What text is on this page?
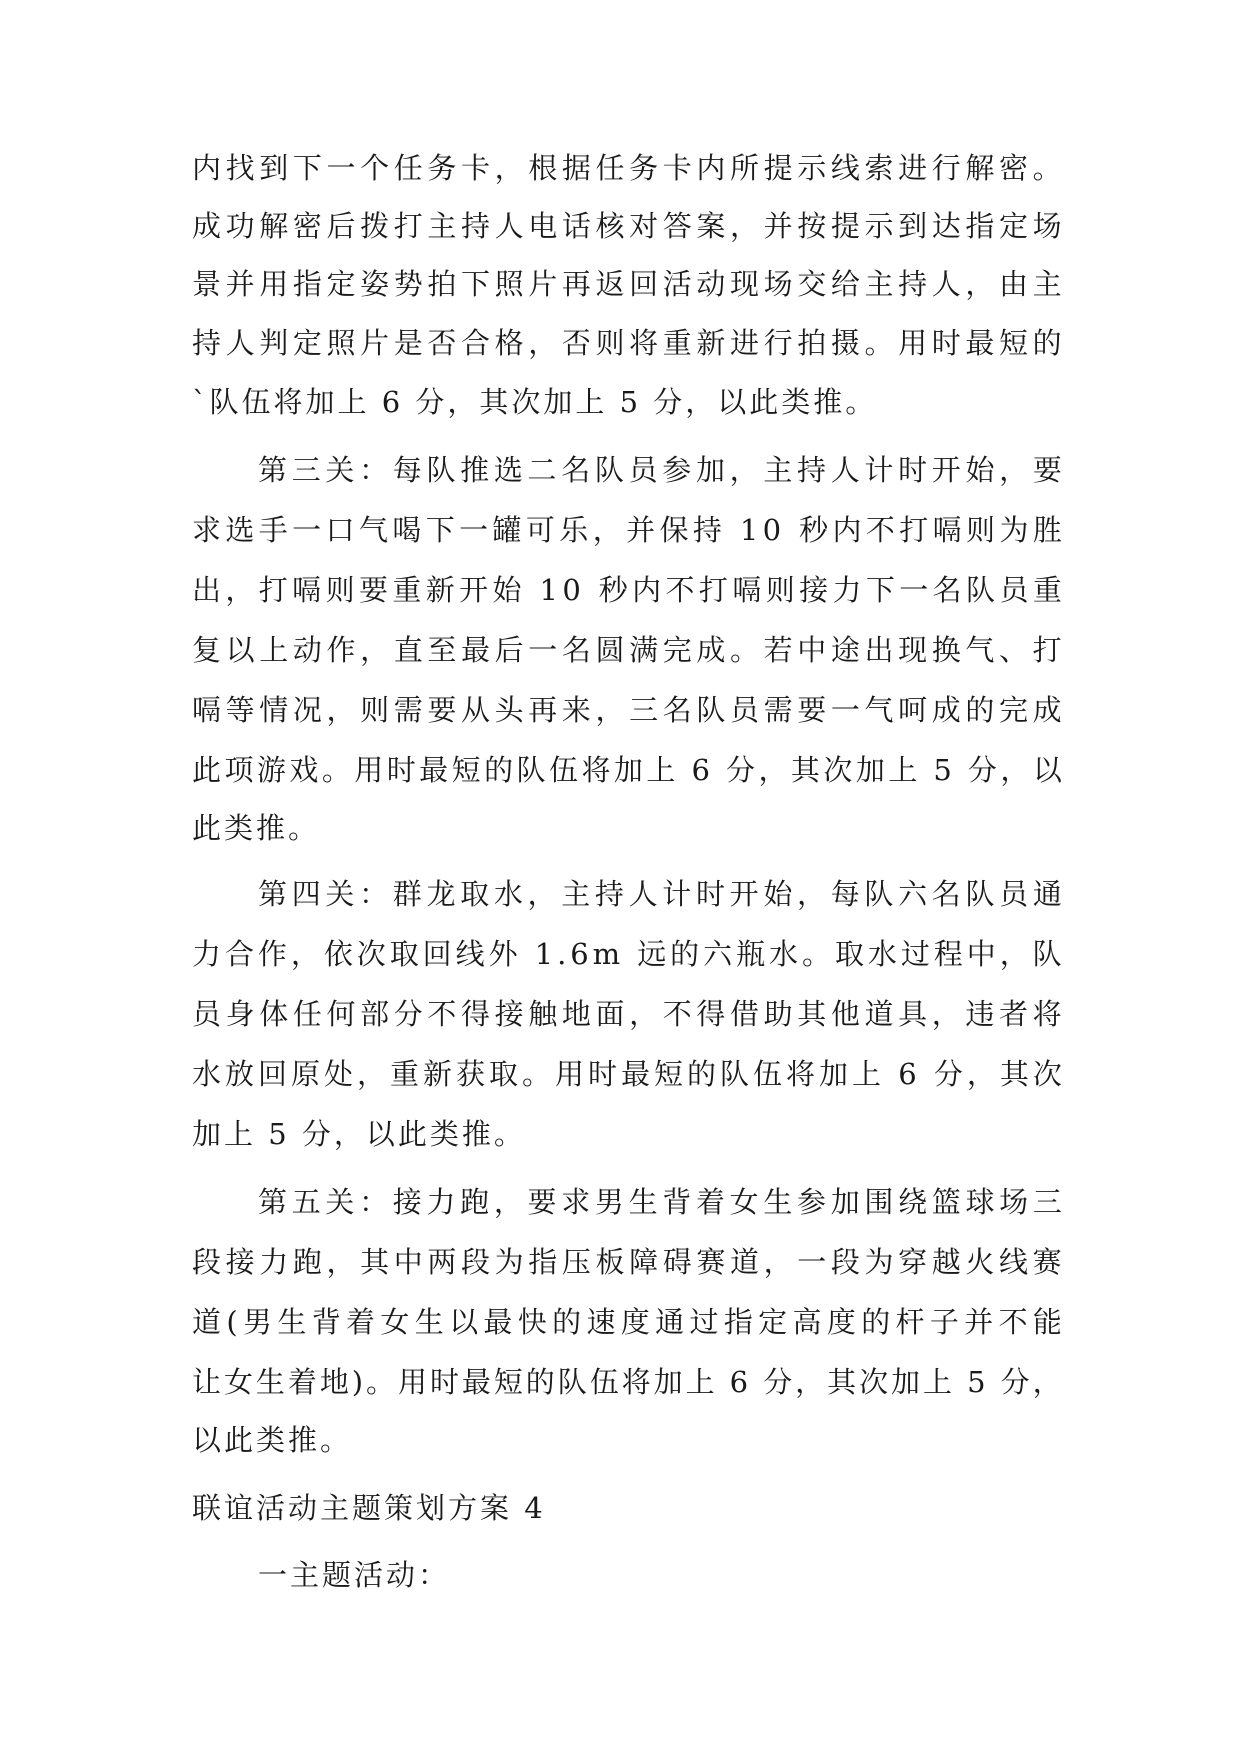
内 找 到 下 一 个 任 务 卡 ， 根 据 任 务 卡 内 所 提 示 线 索 进 行 解 密 。
成 功 解 密 后 拨 打 主 持 人 电 话 核 对 答 案 ， 并 按 提 示 到 达 指 定 场
景 并 用 指 定 姿 势 拍 下 照 片 再 返 回 活 动 现 场 交 给 主 持 人 ， 由 主
持 人 判 定 照 片 是 否 合 格 ， 否 则 将 重 新 进 行 拍 摄 。 用 时 最 短 的
`队伍将加上 6 分，其次加上 5 分，以此类推。
第 三 关 ： 每 队 推 选 二 名 队 员 参 加 ， 主 持 人 计 时 开 始 ， 要
求 选 手 一 口 气 喝 下 一 罐 可 乐 ， 并 保 持
1 0
秒 内 不 打 嗝 则 为 胜
出 ， 打 嗝 则 要 重 新 开 始
1 0
秒 内 不 打 嗝 则 接 力 下 一 名 队 员 重
复 以 上 动 作 ， 直 至 最 后 一 名 圆 满 完 成 。 若 中 途 出 现 换 气 、 打
嗝 等 情 况 ， 则 需 要 从 头 再 来 ， 三 名 队 员 需 要 一 气 呵 成 的 完 成
此 项 游 戏 。 用 时 最 短 的 队 伍 将 加 上
6
分 ， 其 次 加 上
5
分 ， 以
此类推。
第 四 关 ： 群 龙 取 水 ， 主 持 人 计 时 开 始 ， 每 队 六 名 队 员 通
力 合 作 ， 依 次 取 回 线 外
1 . 6 m
远 的 六 瓶 水 。 取 水 过 程 中 ， 队
员 身 体 任 何 部 分 不 得 接 触 地 面 ， 不 得 借 助 其 他 道 具 ， 违 者 将
水 放 回 原 处 ， 重 新 获 取 。 用 时 最 短 的 队 伍 将 加 上
6
分 ， 其 次
加上 5 分，以此类推。
第 五 关 ： 接 力 跑 ， 要 求 男 生 背 着 女 生 参 加 围 绕 篮 球 场 三
段 接 力 跑 ， 其 中 两 段 为 指 压 板 障 碍 赛 道 ， 一 段 为 穿 越 火 线 赛
道 ( 男 生 背 着 女 生 以 最 快 的 速 度 通 过 指 定 高 度 的 杆 子 并 不 能
让 女 生 着 地 ) 。 用 时 最 短 的 队 伍 将 加 上
6
分 ， 其 次 加 上
5
分 ，
以此类推。
联谊活动主题策划方案 4
一主题活动：
